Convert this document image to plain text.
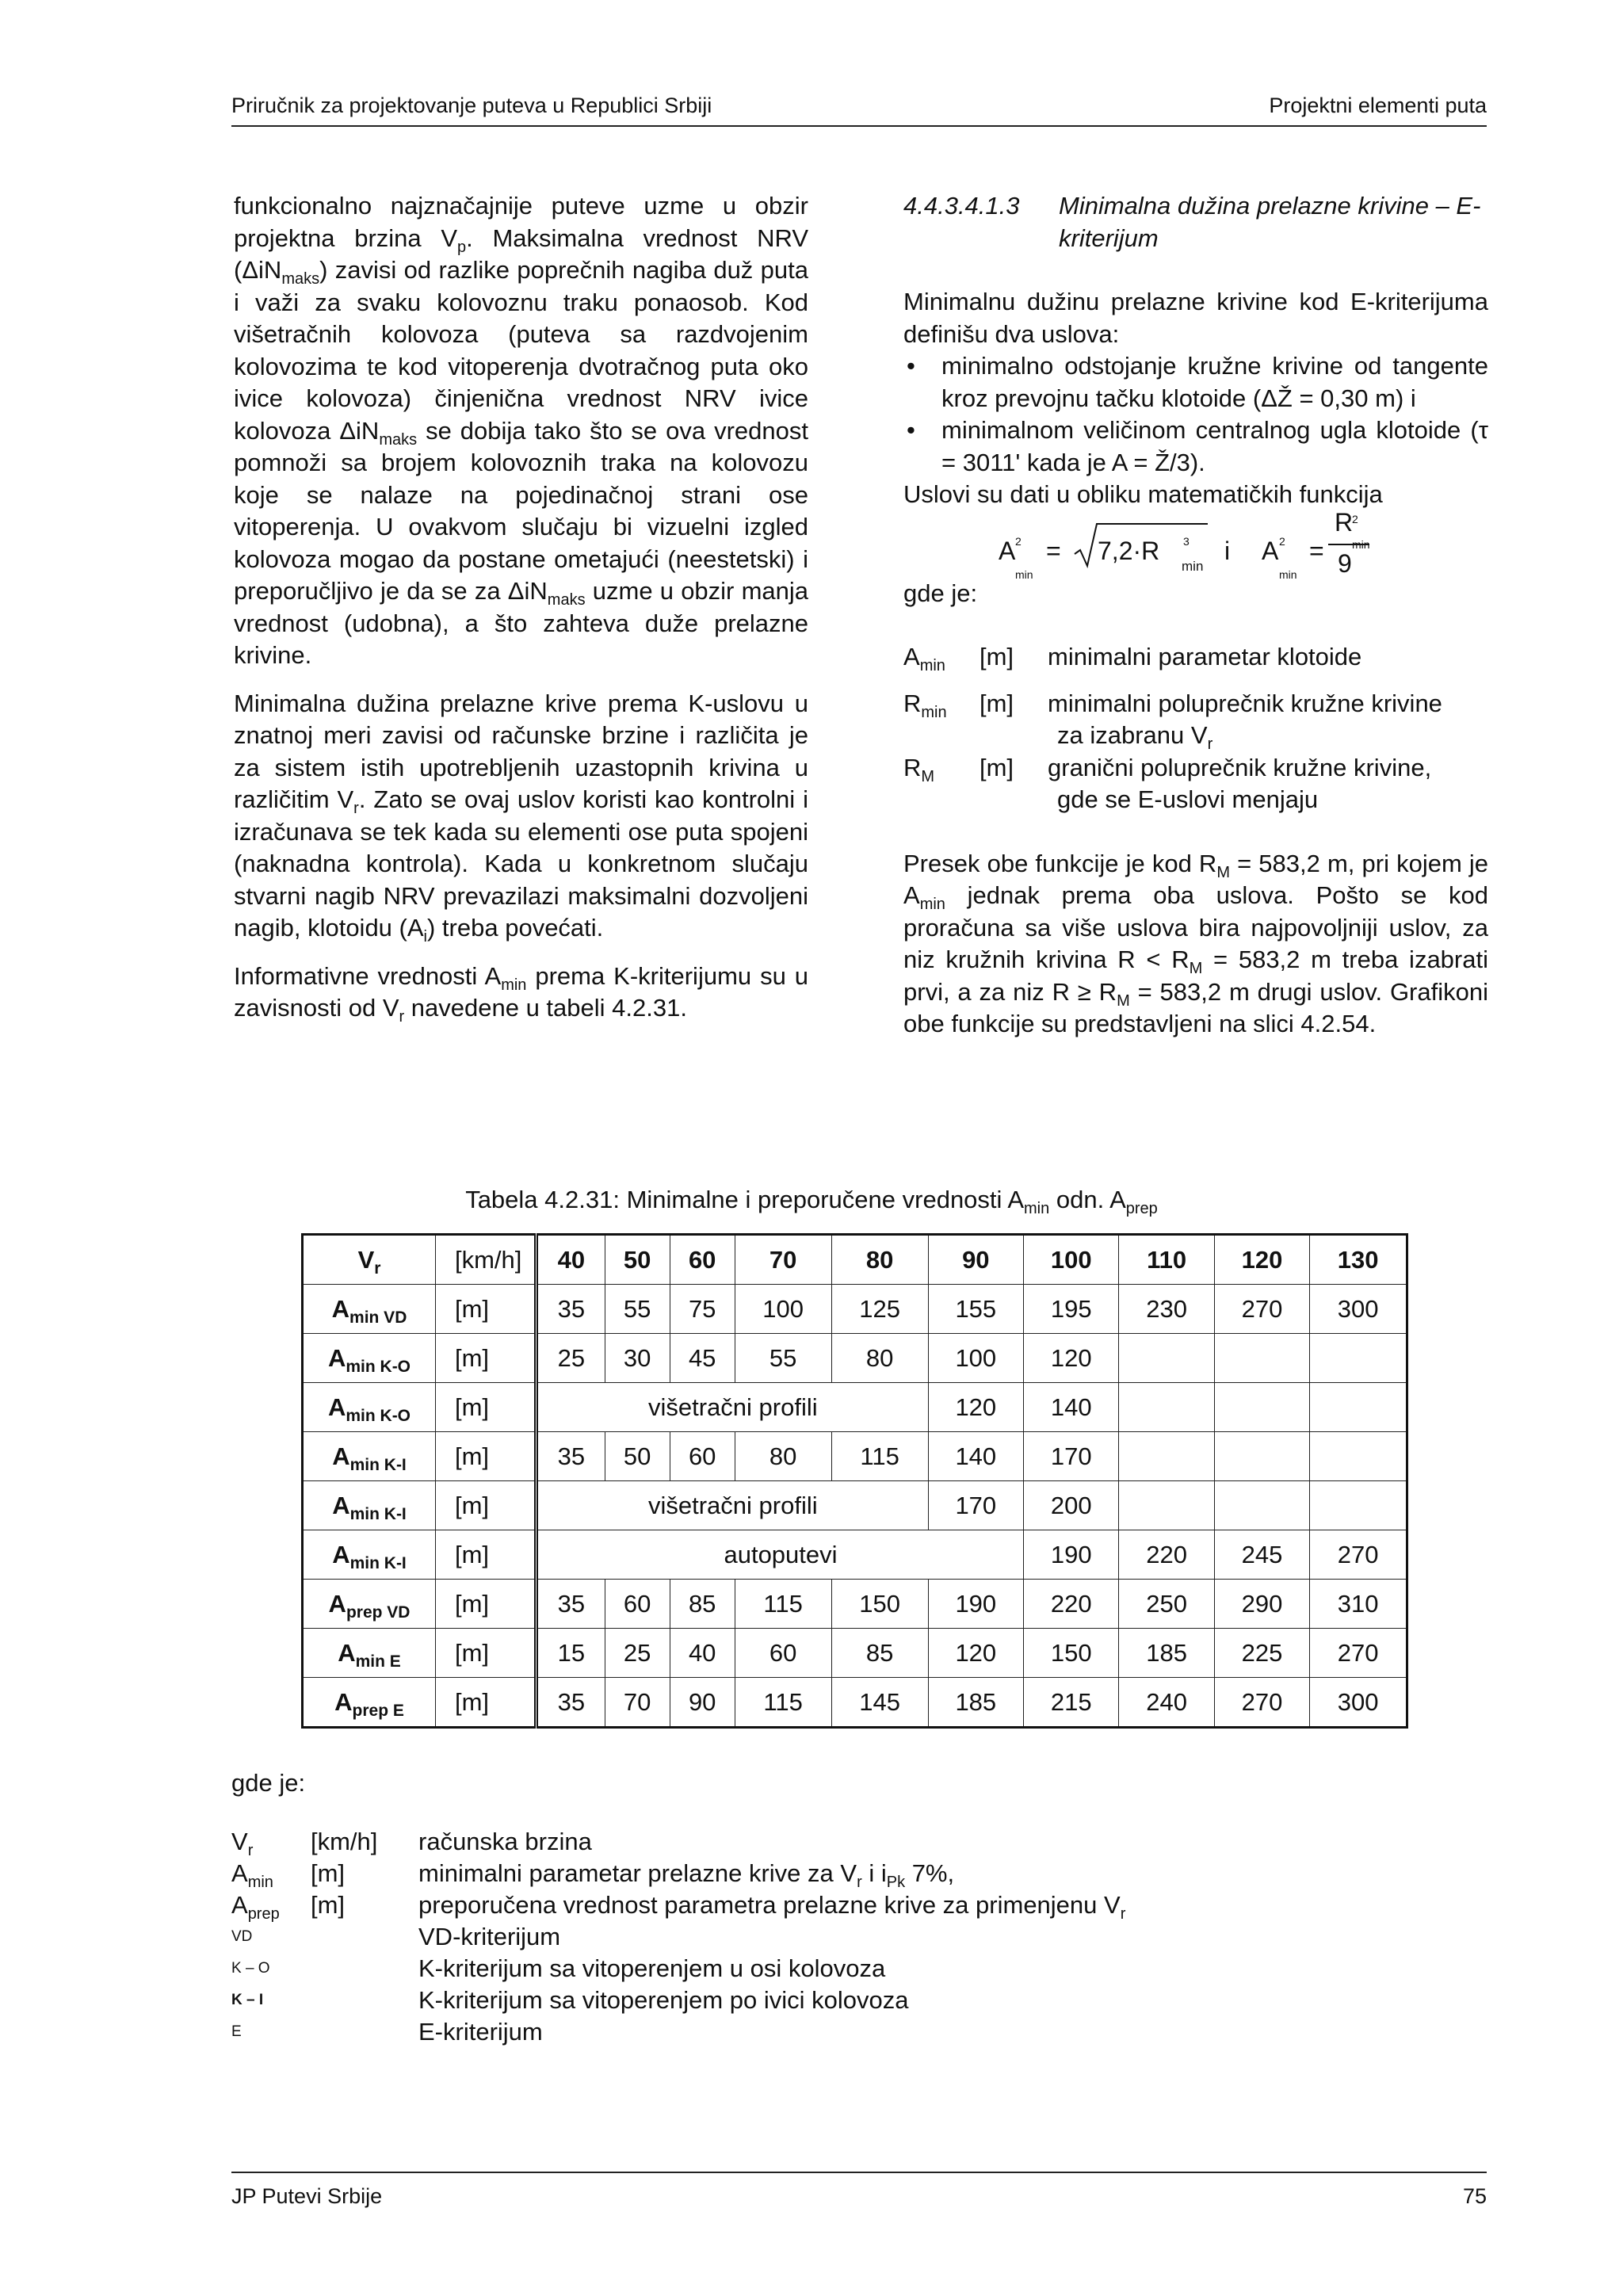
Priručnik za projektovanje puteva u Republici Srbiji	Projektni elementi puta

funkcionalno najznačajnije puteve uzme u obzir projektna brzina $V_p$. Maksimalna vrednost NRV (ΔiN$_{maks}$) zavisi od razlike poprečnih nagiba duž puta i važi za svaku kolovoznu traku ponaosob. Kod višetračnih kolovoza (puteva sa razdvojenim kolovozima te kod vitoperenja dvotračnog puta oko ivice kolovoza) činjenična vrednost NRV ivice kolovoza ΔiN$_{maks}$ se dobija tako što se ova vrednost pomnoži sa brojem kolovoznih traka na kolovozu koje se nalaze na pojedinačnoj strani ose vitoperenja. U ovakvom slučaju bi vizuelni izgled kolovoza mogao da postane ometajući (neestetski) i preporučljivo je da se za ΔiN$_{maks}$ uzme u obzir manja vrednost (udobna), a što zahteva duže prelazne krivine.

Minimalna dužina prelazne krive prema K-uslovu u znatnoj meri zavisi od računske brzine i različita je za sistem istih upotrebljenih uzastopnih krivina u različitim $V_r$. Zato se ovaj uslov koristi kao kontrolni i izračunava se tek kada su elementi ose puta spojeni (naknadna kontrola). Kada u konkretnom slučaju stvarni nagib NRV prevazilazi maksimalni dozvoljeni nagib, klotoidu $(A_i)$ treba povećati.

Informativne vrednosti $A_{min}$ prema K-kriterijumu su u zavisnosti od $V_r$ navedene u tabeli 4.2.31.

4.4.3.4.1.3	Minimalna dužina prelazne krivine – E-kriterijum

Minimalnu dužinu prelazne krivine kod E-kriterijuma definišu dva uslova:

• minimalno odstojanje kružne krivine od tangente kroz prevojnu tačku klotoide (ΔŽ = 0,30 m) i
• minimalnom veličinom centralnog ugla klotoide (τ = 3011' kada je A = Ž/3).

Uslovi su dati u obliku matematičkih funkcija

A 2
min
= 7,2·R 3
min
i A 2
min
=
R
2
min
9

gde je:

$A_{min}$	[m]	minimalni parametar klotoide
$R_{min}$	[m]	minimalni poluprečnik kružne krivine
za izabranu $V_r$
$R_M$	[m]	granični poluprečnik kružne krivine,
gde se E-uslovi menjaju

Presek obe funkcije je kod $R_M = 583,2$ m, pri kojem je $A_{min}$ jednak prema oba uslova. Pošto se kod proračuna sa više uslova bira najpovoljniji uslov, za niz kružnih krivina $R < R_M = 583,2$ m treba izabrati prvi, a za niz $R \ge R_M = 583,2$ m drugi uslov. Grafikoni obe funkcije su predstavljeni na slici 4.2.54.

Tabela 4.2.31: Minimalne i preporučene vrednosti $A_{min}$ odn. $A_{prep}$
$V_r$	[km/h]	40	50	60	70	80	90	100	110	120	130
$A_{min VD}$	[m]	35	55	75	100	125	155	195	230	270	300
$A_{min K-O}$	[m]	25	30	45	55	80	100	120			
$A_{min K-O}$	[m]	višetračni profili					120	140			
$A_{min K-I}$	[m]	35	50	60	80	115	140	170			
$A_{min K-I}$	[m]	višetračni profili					170	200			
$A_{min K-I}$	[m]	autoputevi						190	220	245	270
$A_{prep VD}$	[m]	35	60	85	115	150	190	220	250	290	310
$A_{min E}$	[m]	15	25	40	60	85	120	150	185	225	270
$A_{prep E}$	[m]	35	70	90	115	145	185	215	240	270	300
gde je:
$V_r$	[km/h]	računska brzina
$A_{min}$	[m]	minimalni parametar prelazne krive za $V_r$ i $i_{Pk}$ 7%,
$A_{prep}$	[m]	preporučena vrednost parametra prelazne krive za primenjenu $V_r$
VD	VD-kriterijum
K – O	K-kriterijum sa vitoperenjem u osi kolovoza
K – I	K-kriterijum sa vitoperenjem po ivici kolovoza
E	E-kriterijum
JP Putevi Srbije	75
